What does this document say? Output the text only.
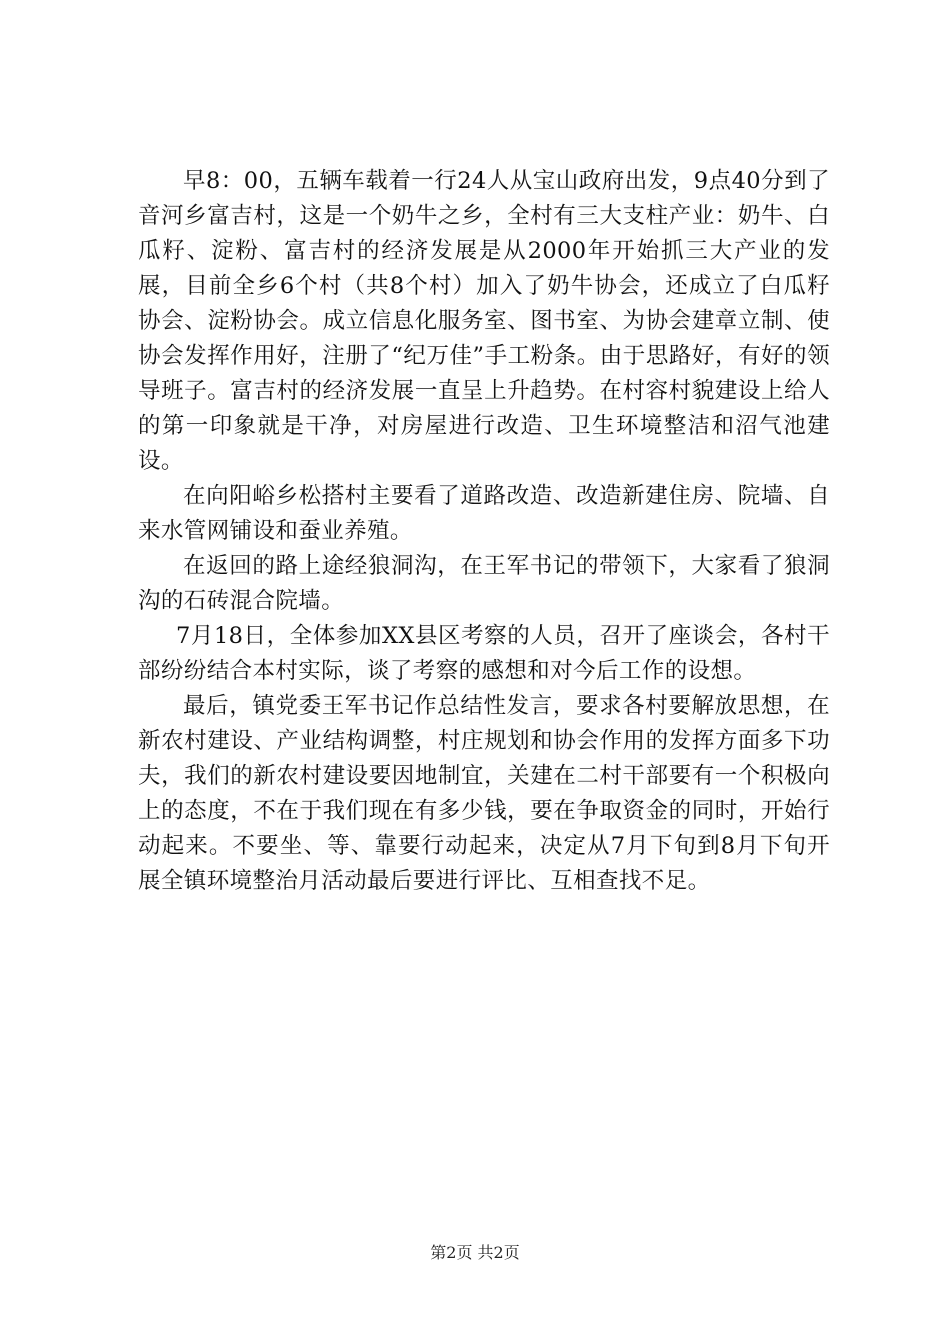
早8：00，五辆车载着一行24人从宝山政府出发，9点40分到了音河乡富吉村，这是一个奶牛之乡，全村有三大支柱产业：奶牛、白瓜籽、淀粉、富吉村的经济发展是从2000年开始抓三大产业的发展，目前全乡6个村（共8个村）加入了奶牛协会，还成立了白瓜籽协会、淀粉协会。成立信息化服务室、图书室、为协会建章立制、使协会发挥作用好，注册了“纪万佳”手工粉条。由于思路好，有好的领导班子。富吉村的经济发展一直呈上升趋势。在村容村貌建设上给人的第一印象就是干净，对房屋进行改造、卫生环境整洁和沼气池建设。

在向阳峪乡松搭村主要看了道路改造、改造新建住房、院墙、自来水管网铺设和蚕业养殖。

在返回的路上途经狼洞沟，在王军书记的带领下，大家看了狼洞沟的石砖混合院墙。

7月18日，全体参加XX县区考察的人员，召开了座谈会，各村干部纷纷结合本村实际，谈了考察的感想和对今后工作的设想。

最后，镇党委王军书记作总结性发言，要求各村要解放思想，在新农村建设、产业结构调整，村庄规划和协会作用的发挥方面多下功夫，我们的新农村建设要因地制宜，关建在二村干部要有一个积极向上的态度，不在于我们现在有多少钱，要在争取资金的同时，开始行动起来。不要坐、等、靠要行动起来，决定从7月下旬到8月下旬开展全镇环境整治月活动最后要进行评比、互相查找不足。

第2页 共2页
